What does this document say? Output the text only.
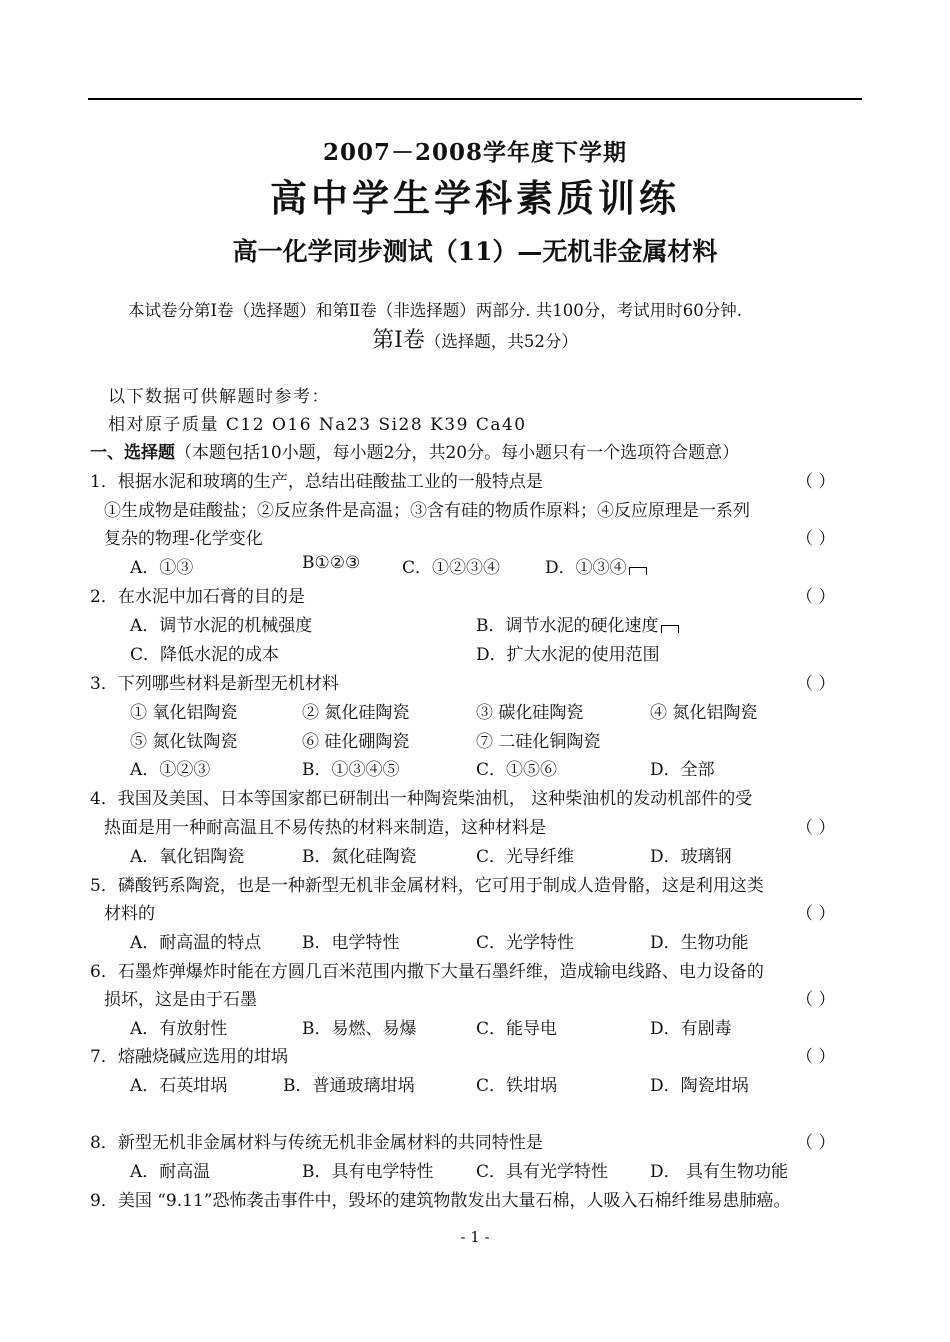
2007－2008学年度下学期
高中学生学科素质训练
高一化学同步测试（11）—无机非金属材料
本试卷分第Ⅰ卷（选择题）和第Ⅱ卷（非选择题）两部分. 共100分，考试用时60分钟.
第Ⅰ卷（选择题，共52分）
以下数据可供解题时参考：
相对原子质量 C12 O16 Na23 Si28 K39 Ca40
一、选择题（本题包括10小题，每小题2分，共20分。每小题只有一个选项符合题意）
1．根据水泥和玻璃的生产，总结出硅酸盐工业的一般特点是	（ ）
①生成物是硅酸盐；②反应条件是高温；③含有硅的物质作原料；④反应原理是一系列
复杂的物理-化学变化	（ ）
A．①③	B①②③ C．①②③④	D．①③④
2．在水泥中加石膏的目的是	（ ）
A．调节水泥的机械强度	B．调节水泥的硬化速度
C．降低水泥的成本	D．扩大水泥的使用范围
3．下列哪些材料是新型无机材料	（ ）
① 氧化铝陶瓷	② 氮化硅陶瓷	③ 碳化硅陶瓷	④ 氮化铝陶瓷
⑤ 氮化钛陶瓷	⑥ 硅化硼陶瓷	⑦ 二硅化铜陶瓷
A．①②③	B．①③④⑤	C．①⑤⑥	D．全部
4．我国及美国、日本等国家都已研制出一种陶瓷柴油机， 这种柴油机的发动机部件的受
热面是用一种耐高温且不易传热的材料来制造，这种材料是	（ ）
A．氧化铝陶瓷	B．氮化硅陶瓷	C．光导纤维	D．玻璃钢
5．磷酸钙系陶瓷，也是一种新型无机非金属材料，它可用于制成人造骨骼，这是利用这类
材料的	（ ）
A．耐高温的特点 B．电学特性	C．光学特性	D．生物功能
6．石墨炸弹爆炸时能在方圆几百米范围内撒下大量石墨纤维，造成输电线路、电力设备的
损坏，这是由于石墨	（ ）
A．有放射性	B．易燃、易爆	C．能导电	D．有剧毒
7．熔融烧碱应选用的坩埚	（ ）
A．石英坩埚	B．普通玻璃坩埚	C．铁坩埚	D．陶瓷坩埚
8．新型无机非金属材料与传统无机非金属材料的共同特性是	（ ）
A．耐高温	B．具有电学特性	C．具有光学特性 D． 具有生物功能
9．美国 “9.11”恐怖袭击事件中，毁坏的建筑物散发出大量石棉，人吸入石棉纤维易患肺癌。
- 1 -
